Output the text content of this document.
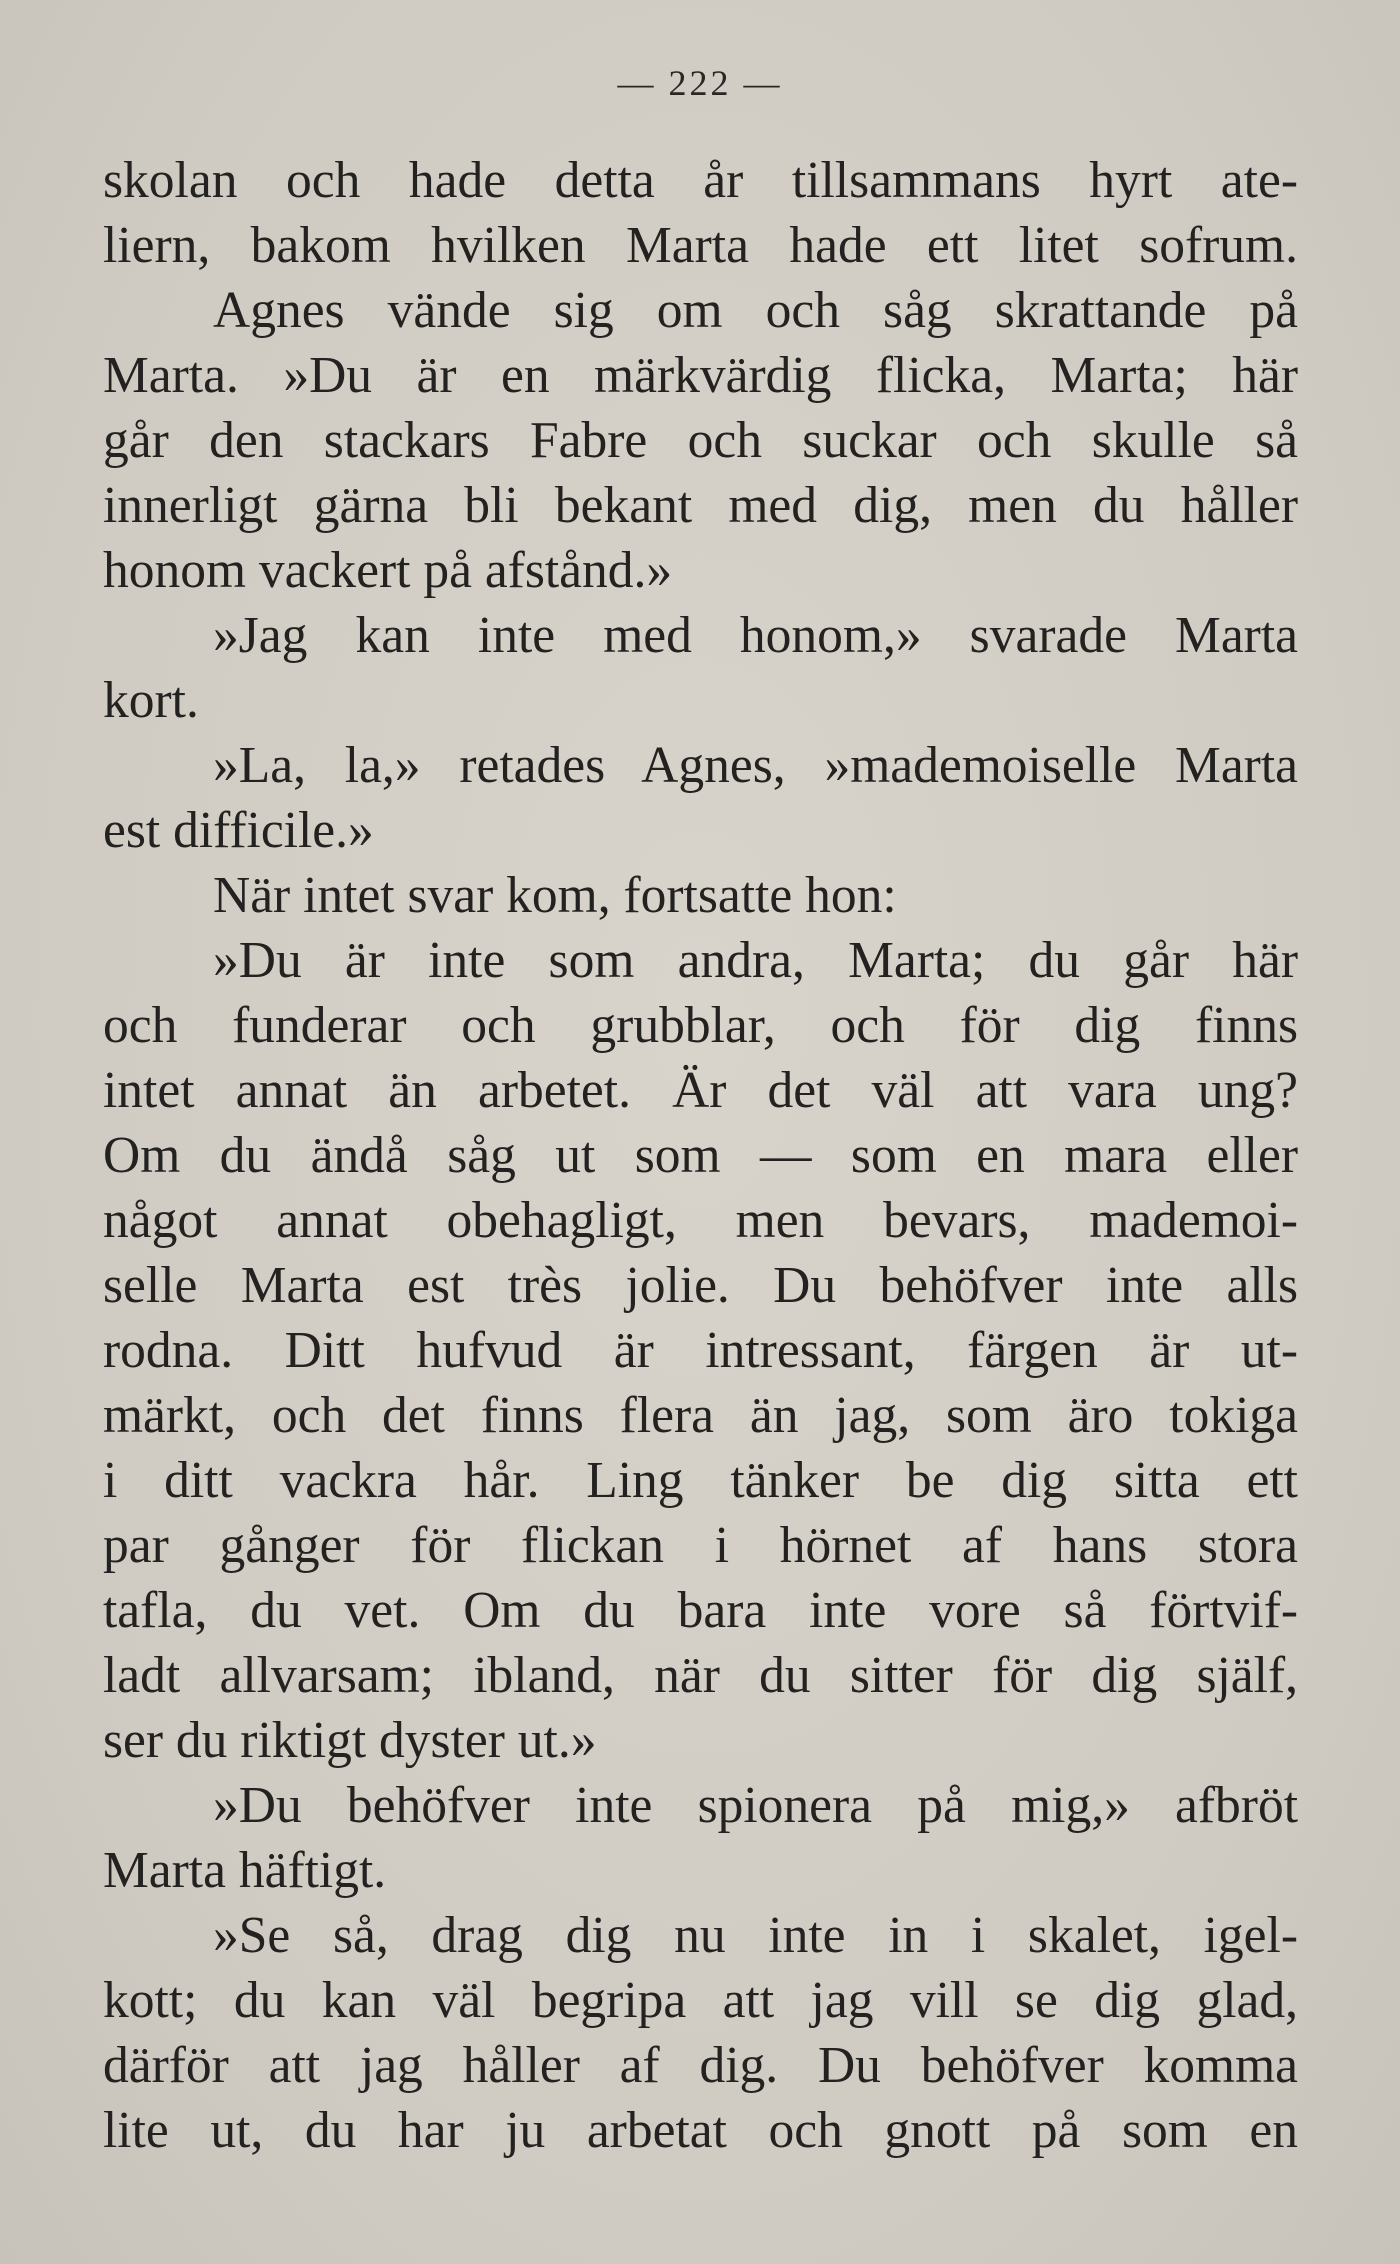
— 222 —
skolan och hade detta år tillsammans hyrt ate-
liern, bakom hvilken Marta hade ett litet sofrum.
Agnes vände sig om och såg skrattande på
Marta. »Du är en märkvärdig flicka, Marta; här
går den stackars Fabre och suckar och skulle så
innerligt gärna bli bekant med dig, men du håller
honom vackert på afstånd.»
»Jag kan inte med honom,» svarade Marta
kort.
»La, la,» retades Agnes, »mademoiselle Marta
est difficile.»
När intet svar kom, fortsatte hon:
»Du är inte som andra, Marta; du går här
och funderar och grubblar, och för dig finns
intet annat än arbetet. Är det väl att vara ung?
Om du ändå såg ut som — som en mara eller
något annat obehagligt, men bevars, mademoi-
selle Marta est très jolie. Du behöfver inte alls
rodna. Ditt hufvud är intressant, färgen är ut-
märkt, och det finns flera än jag, som äro tokiga
i ditt vackra hår. Ling tänker be dig sitta ett
par gånger för flickan i hörnet af hans stora
tafla, du vet. Om du bara inte vore så förtvif-
ladt allvarsam; ibland, när du sitter för dig själf,
ser du riktigt dyster ut.»
»Du behöfver inte spionera på mig,» afbröt
Marta häftigt.
»Se så, drag dig nu inte in i skalet, igel-
kott; du kan väl begripa att jag vill se dig glad,
därför att jag håller af dig. Du behöfver komma
lite ut, du har ju arbetat och gnott på som en
